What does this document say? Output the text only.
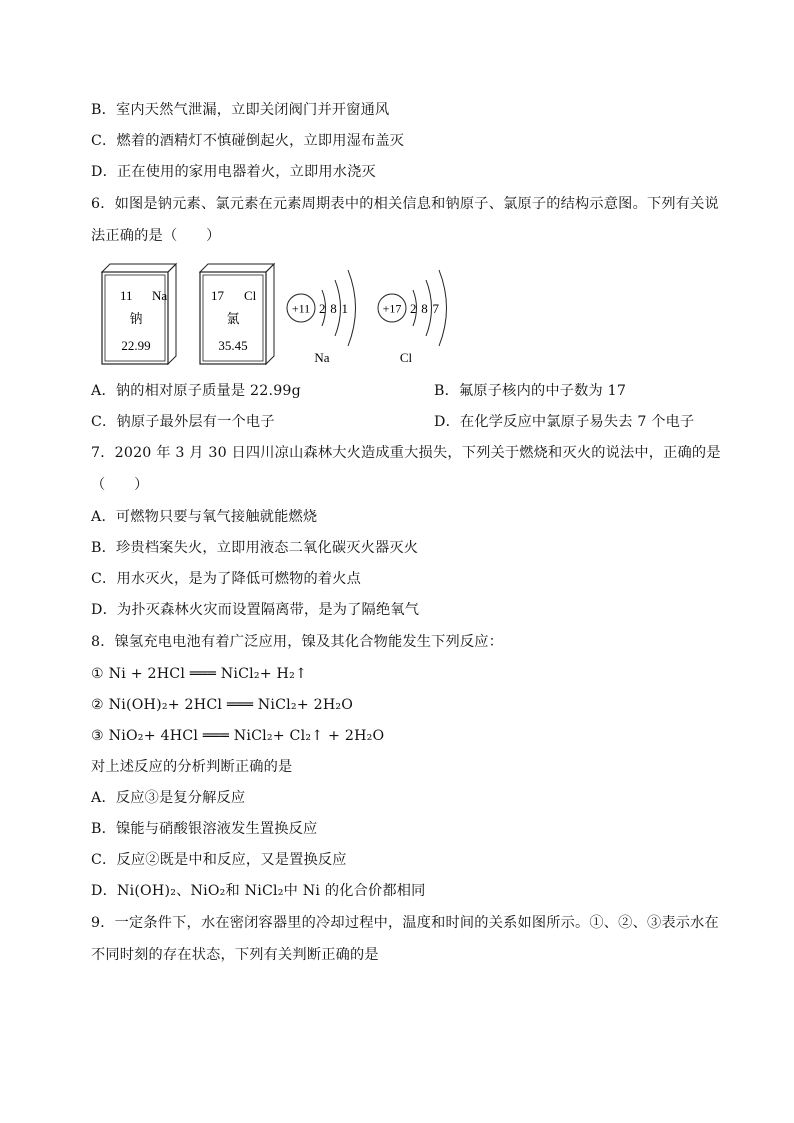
B．室内天然气泄漏，立即关闭阀门并开窗通风
C．燃着的酒精灯不慎碰倒起火，立即用湿布盖灭
D．正在使用的家用电器着火，立即用水浇灭
6．如图是钠元素、氯元素在元素周期表中的相关信息和钠原子、氯原子的结构示意图。下列有关说
法正确的是（　　）
11 Na
钠
22.99
17 Cl
氯
35.45
+11 2 8 1
Na
+17 2 8 7
Cl
A．钠的相对原子质量是 22.99g	B．氟原子核内的中子数为 17
C．钠原子最外层有一个电子	D．在化学反应中氯原子易失去 7 个电子
7．2020 年 3 月 30 日四川凉山森林大火造成重大损失，下列关于燃烧和灭火的说法中，正确的是
（　　）
A．可燃物只要与氧气接触就能燃烧
B．珍贵档案失火，立即用液态二氧化碳灭火器灭火
C．用水灭火，是为了降低可燃物的着火点
D．为扑灭森林火灾而设置隔离带，是为了隔绝氧气
8．镍氢充电电池有着广泛应用，镍及其化合物能发生下列反应：
① Ni + 2HCl ═══ NiCl₂+ H₂↑
② Ni(OH)₂+ 2HCl ═══ NiCl₂+ 2H₂O
③ NiO₂+ 4HCl ═══ NiCl₂+ Cl₂↑ + 2H₂O
对上述反应的分析判断正确的是
A．反应③是复分解反应
B．镍能与硝酸银溶液发生置换反应
C．反应②既是中和反应，又是置换反应
D．Ni(OH)₂、NiO₂和 NiCl₂中 Ni 的化合价都相同
9．一定条件下，水在密闭容器里的冷却过程中，温度和时间的关系如图所示。①、②、③表示水在
不同时刻的存在状态，下列有关判断正确的是
